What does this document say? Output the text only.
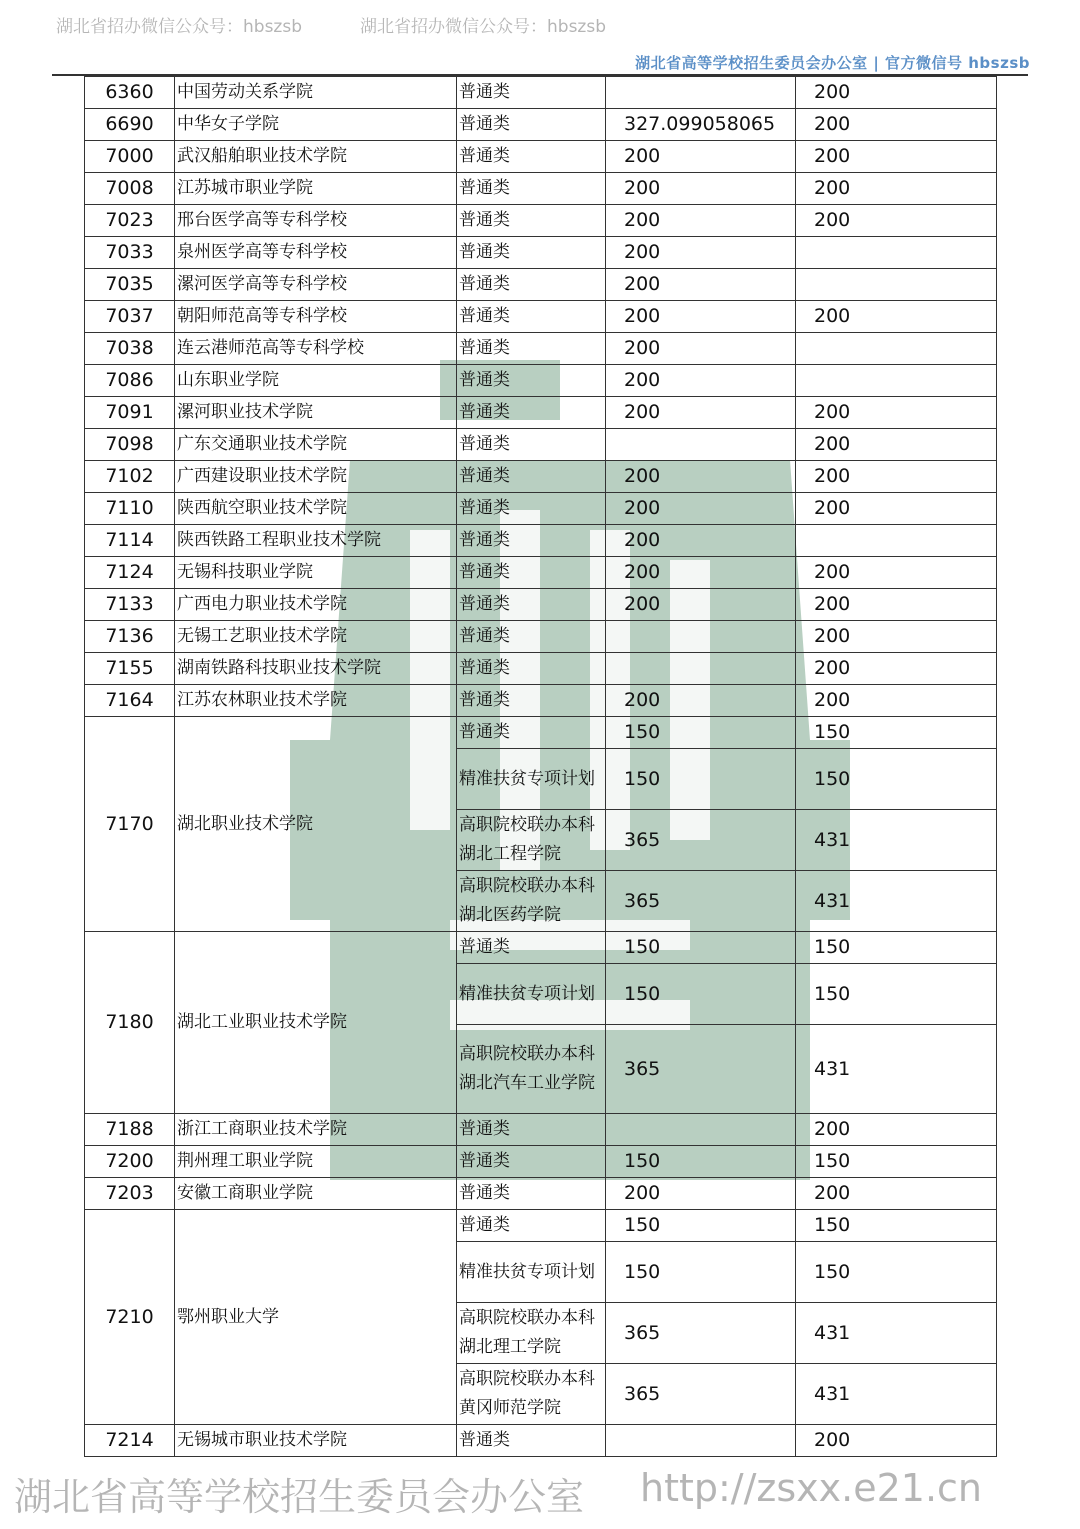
湖北省高等学校招生委员会办公室 | 官方微信号 hbszsb
6360	中国劳动关系学院	普通类		200
6690	中华女子学院	普通类	327.099058065	200
7000	武汉船舶职业技术学院	普通类	200	200
7008	江苏城市职业学院	普通类	200	200
7023	邢台医学高等专科学校	普通类	200	200
7033	泉州医学高等专科学校	普通类	200	
7035	漯河医学高等专科学校	普通类	200	
7037	朝阳师范高等专科学校	普通类	200	200
7038	连云港师范高等专科学校	普通类	200	
7086	山东职业学院	普通类	200	
7091	漯河职业技术学院	普通类	200	200
7098	广东交通职业技术学院	普通类		200
7102	广西建设职业技术学院	普通类	200	200
7110	陕西航空职业技术学院	普通类	200	200
7114	陕西铁路工程职业技术学院	普通类	200	
7124	无锡科技职业学院	普通类	200	200
7133	广西电力职业技术学院	普通类	200	200
7136	无锡工艺职业技术学院	普通类		200
7155	湖南铁路科技职业技术学院	普通类		200
7164	江苏农林职业技术学院	普通类	200	200
7170	湖北职业技术学院	普通类	150	150
		精准扶贫专项计划	150	150
		高职院校联办本科湖北工程学院	365	431
		高职院校联办本科湖北医药学院	365	431
7180	湖北工业职业技术学院	普通类	150	150
		精准扶贫专项计划	150	150
		高职院校联办本科湖北汽车工业学院	365	431
7188	浙江工商职业技术学院	普通类		200
7200	荆州理工职业学院	普通类	150	150
7203	安徽工商职业学院	普通类	200	200
7210	鄂州职业大学	普通类	150	150
		精准扶贫专项计划	150	150
		高职院校联办本科湖北理工学院	365	431
		高职院校联办本科黄冈师范学院	365	431
7214	无锡城市职业技术学院	普通类		200
湖北省招办微信公众号：hbszsb	湖北省招办微信公众号：hbszsb
湖北省高等学校招生委员会办公室 http://zsxx.e21.cn
